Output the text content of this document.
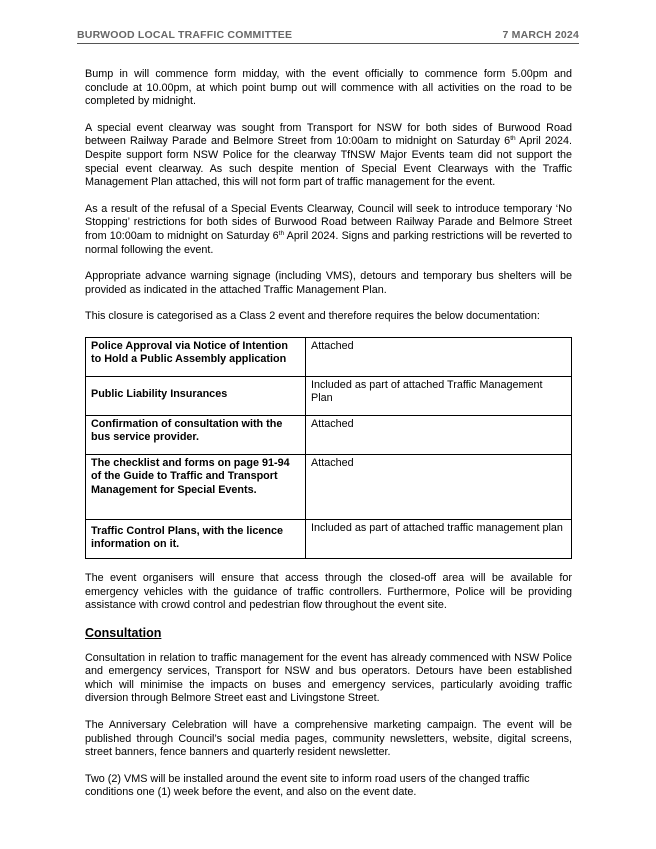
BURWOOD LOCAL TRAFFIC COMMITTEE	7 MARCH 2024

Bump in will commence form midday, with the event officially to commence form 5.00pm and conclude at 10.00pm, at which point bump out will commence with all activities on the road to be completed by midnight.

A special event clearway was sought from Transport for NSW for both sides of Burwood Road between Railway Parade and Belmore Street from 10:00am to midnight on Saturday 6th April 2024. Despite support form NSW Police for the clearway TfNSW Major Events team did not support the special event clearway. As such despite mention of Special Event Clearways with the Traffic Management Plan attached, this will not form part of traffic management for the event.

As a result of the refusal of a Special Events Clearway, Council will seek to introduce temporary ‘No Stopping’ restrictions for both sides of Burwood Road between Railway Parade and Belmore Street from 10:00am to midnight on Saturday 6th April 2024. Signs and parking restrictions will be reverted to normal following the event.

Appropriate advance warning signage (including VMS), detours and temporary bus shelters will be provided as indicated in the attached Traffic Management Plan.

This closure is categorised as a Class 2 event and therefore requires the below documentation:

Police Approval via Notice of Intention to Hold a Public Assembly application	Attached
Public Liability Insurances	Included as part of attached Traffic Management Plan
Confirmation of consultation with the bus service provider.	Attached
The checklist and forms on page 91-94 of the Guide to Traffic and Transport Management for Special Events.	Attached
Traffic Control Plans, with the licence information on it.	Included as part of attached traffic management plan

The event organisers will ensure that access through the closed-off area will be available for emergency vehicles with the guidance of traffic controllers. Furthermore, Police will be providing assistance with crowd control and pedestrian flow throughout the event site.

Consultation

Consultation in relation to traffic management for the event has already commenced with NSW Police and emergency services, Transport for NSW and bus operators. Detours have been established which will minimise the impacts on buses and emergency services, particularly avoiding traffic diversion through Belmore Street east and Livingstone Street.

The Anniversary Celebration will have a comprehensive marketing campaign. The event will be published through Council’s social media pages, community newsletters, website, digital screens, street banners, fence banners and quarterly resident newsletter.

Two (2) VMS will be installed around the event site to inform road users of the changed traffic conditions one (1) week before the event, and also on the event date.
